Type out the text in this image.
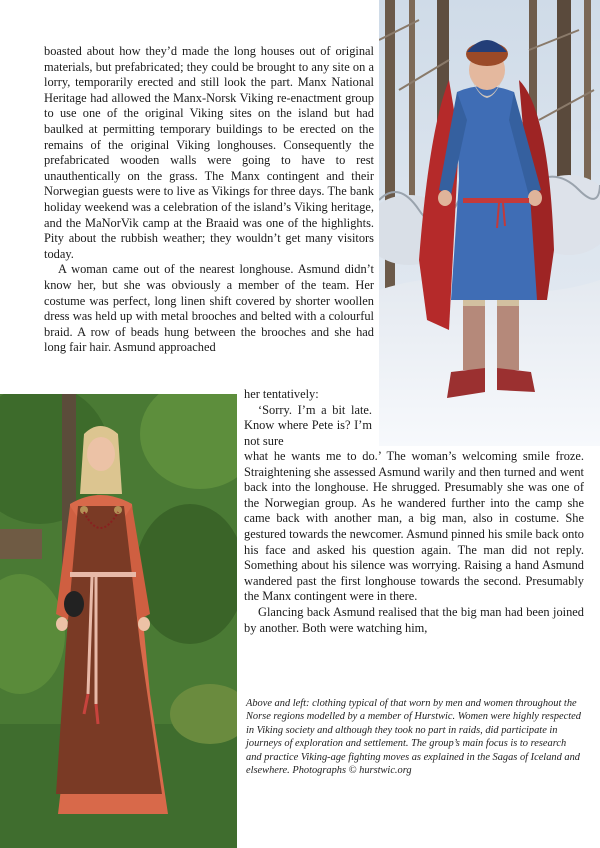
boasted about how they’d made the long houses out of original materials, but prefabricated; they could be brought to any site on a lorry, temporarily erected and still look the part. Manx National Heritage had allowed the Manx-Norsk Viking re-enactment group to use one of the original Viking sites on the island but had baulked at permitting temporary buildings to be erected on the remains of the original Viking longhouses. Consequently the prefabricated wooden walls were going to have to rest unauthentically on the grass. The Manx contingent and their Norwegian guests were to live as Vikings for three days. The bank holiday weekend was a celebration of the island’s Viking heritage, and the MaNorVik camp at the Braaid was one of the highlights. Pity about the rubbish weather; they wouldn’t get many visitors today.

A woman came out of the nearest longhouse. Asmund didn’t know her, but she was obviously a member of the team. Her costume was perfect, long linen shift covered by shorter woollen dress was held up with metal brooches and belted with a colourful braid. A row of beads hung between the brooches and she had long fair hair. Asmund approached

her tentatively:

‘Sorry. I’m a bit late. Know where Pete is? I’m not sure

what he wants me to do.’ The woman’s welcoming smile froze. Straightening she assessed Asmund warily and then turned and went back into the longhouse. He shrugged. Presumably she was one of the Norwegian group. As he wandered further into the camp she came back with another man, a big man, also in costume. She gestured towards the newcomer. Asmund pinned his smile back onto his face and asked his question again. The man did not reply. Something about his silence was worrying. Raising a hand Asmund wandered past the first longhouse towards the second. Presumably the Manx contingent were in there.

Glancing back Asmund realised that the big man had been joined by another. Both were watching him,

Above and left: clothing typical of that worn by men and women throughout the Norse regions modelled by a member of Hurstwic. Women were highly respected in Viking society and although they took no part in raids, did participate in journeys of exploration and settlement. The group’s main focus is to research and practice Viking-age fighting moves as explained in the Sagas of Iceland and elsewhere. Photographs © hurstwic.org
